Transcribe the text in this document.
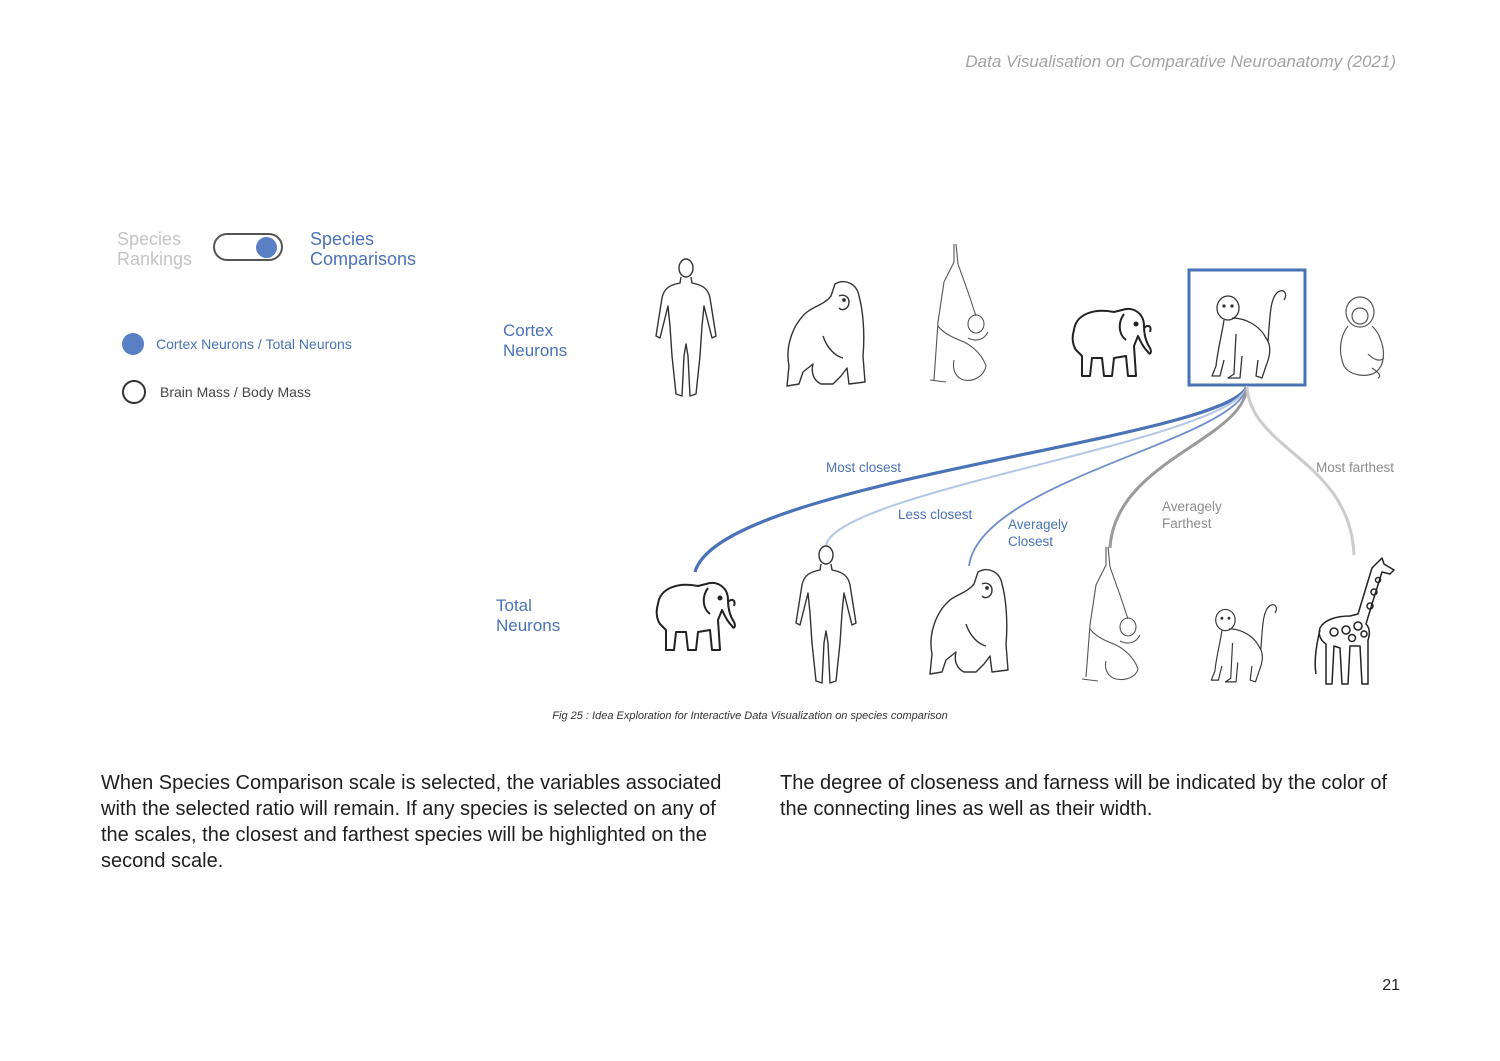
Data Visualisation on Comparative Neuroanatomy (2021)
Species
Rankings
Species
Comparisons
Cortex Neurons / Total Neurons
Brain Mass / Body Mass
Cortex
Neurons
Total
Neurons
Most closest
Less closest
Averagely
Closest
Averagely
Farthest
Most farthest
Fig 25 : Idea Exploration for Interactive Data Visualization on species comparison

When Species Comparison scale is selected, the variables associated with the selected ratio will remain. If any species is selected on any of the scales, the closest and farthest species will be highlighted on the second scale.

The degree of closeness and farness will be indicated by the color of the connecting lines as well as their width.

21
